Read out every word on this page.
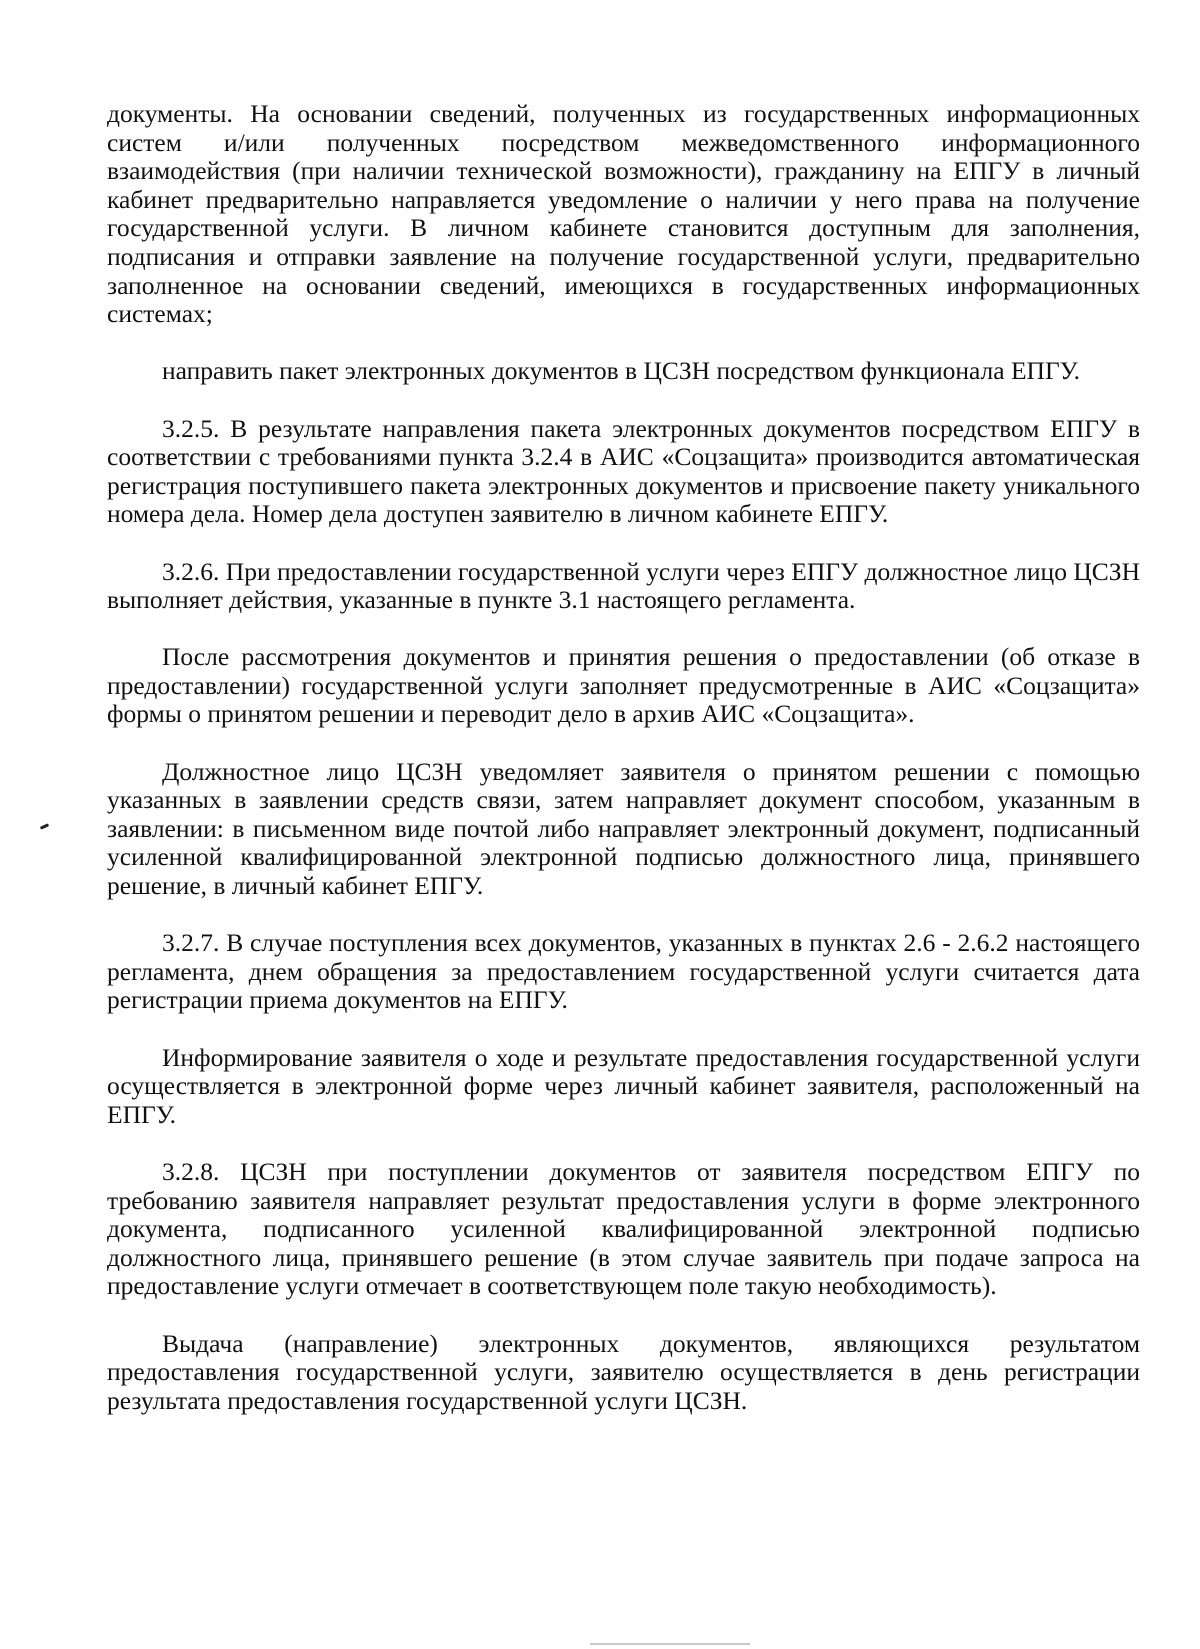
документы. На основании сведений, полученных из государственных информационных систем и/или полученных посредством межведомственного информационного взаимодействия (при наличии технической возможности), гражданину на ЕПГУ в личный кабинет предварительно направляется уведомление о наличии у него права на получение государственной услуги. В личном кабинете становится доступным для заполнения, подписания и отправки заявление на получение государственной услуги, предварительно заполненное на основании сведений, имеющихся в государственных информационных системах;

направить пакет электронных документов в ЦСЗН посредством функционала ЕПГУ.

3.2.5. В результате направления пакета электронных документов посредством ЕПГУ в соответствии с требованиями пункта 3.2.4 в АИС «Соцзащита» производится автоматическая регистрация поступившего пакета электронных документов и присвоение пакету уникального номера дела. Номер дела доступен заявителю в личном кабинете ЕПГУ.

3.2.6. При предоставлении государственной услуги через ЕПГУ должностное лицо ЦСЗН выполняет действия, указанные в пункте 3.1 настоящего регламента.

После рассмотрения документов и принятия решения о предоставлении (об отказе в предоставлении) государственной услуги заполняет предусмотренные в АИС «Соцзащита» формы о принятом решении и переводит дело в архив АИС «Соцзащита».

Должностное лицо ЦСЗН уведомляет заявителя о принятом решении с помощью указанных в заявлении средств связи, затем направляет документ способом, указанным в заявлении: в письменном виде почтой либо направляет электронный документ, подписанный усиленной квалифицированной электронной подписью должностного лица, принявшего решение, в личный кабинет ЕПГУ.

3.2.7. В случае поступления всех документов, указанных в пунктах 2.6 - 2.6.2 настоящего регламента, днем обращения за предоставлением государственной услуги считается дата регистрации приема документов на ЕПГУ.

Информирование заявителя о ходе и результате предоставления государственной услуги осуществляется в электронной форме через личный кабинет заявителя, расположенный на ЕПГУ.

3.2.8. ЦСЗН при поступлении документов от заявителя посредством ЕПГУ по требованию заявителя направляет результат предоставления услуги в форме электронного документа, подписанного усиленной квалифицированной электронной подписью должностного лица, принявшего решение (в этом случае заявитель при подаче запроса на предоставление услуги отмечает в соответствующем поле такую необходимость).

Выдача (направление) электронных документов, являющихся результатом предоставления государственной услуги, заявителю осуществляется в день регистрации результата предоставления государственной услуги ЦСЗН.
